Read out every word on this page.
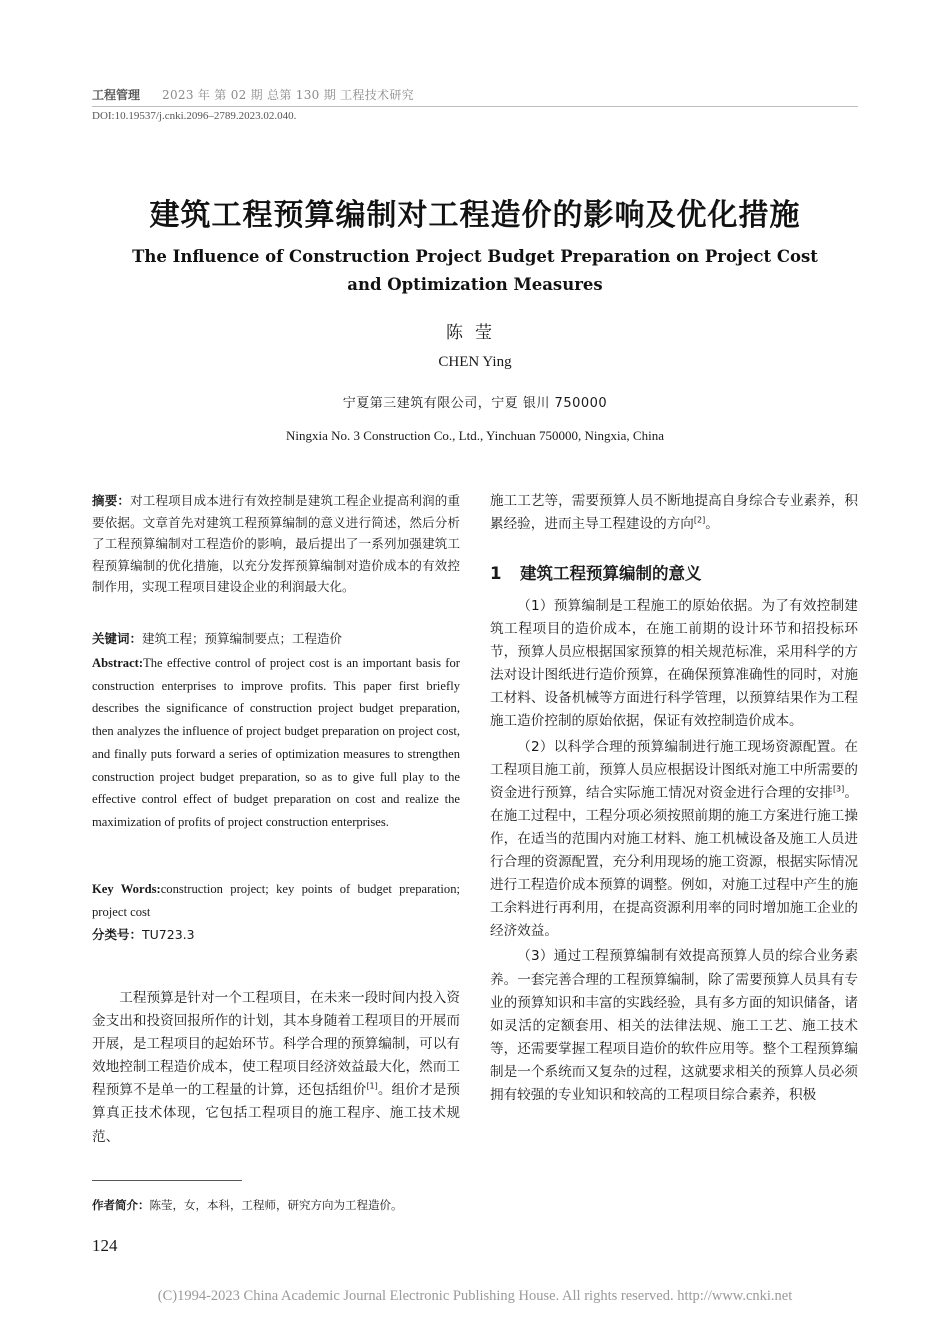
工程管理 2023 年 第 02 期 总第 130 期 工程技术研究
DOI:10.19537/j.cnki.2096–2789.2023.02.040.
建筑工程预算编制对工程造价的影响及优化措施
The Influence of Construction Project Budget Preparation on Project Cost and Optimization Measures
陈莹
CHEN Ying
宁夏第三建筑有限公司，宁夏 银川 750000
Ningxia No. 3 Construction Co., Ltd., Yinchuan 750000, Ningxia, China
摘要：对工程项目成本进行有效控制是建筑工程企业提高利润的重要依据。文章首先对建筑工程预算编制的意义进行简述，然后分析了工程预算编制对工程造价的影响，最后提出了一系列加强建筑工程预算编制的优化措施，以充分发挥预算编制对造价成本的有效控制作用，实现工程项目建设企业的利润最大化。
关键词：建筑工程；预算编制要点；工程造价
Abstract:The effective control of project cost is an important basis for construction enterprises to improve profits. This paper first briefly describes the significance of construction project budget preparation, then analyzes the influence of project budget preparation on project cost, and finally puts forward a series of optimization measures to strengthen construction project budget preparation, so as to give full play to the effective control effect of budget preparation on cost and realize the maximization of profits of project construction enterprises.
Key Words:construction project; key points of budget preparation; project cost
分类号：TU723.3

工程预算是针对一个工程项目，在未来一段时间内投入资金支出和投资回报所作的计划，其本身随着工程项目的开展而开展，是工程项目的起始环节。科学合理的预算编制，可以有效地控制工程造价成本，使工程项目经济效益最大化，然而工程预算不是单一的工程量的计算，还包括组价[1]。组价才是预算真正技术体现，它包括工程项目的施工程序、施工技术规范、

作者简介：陈莹，女，本科，工程师，研究方向为工程造价。
124

施工工艺等，需要预算人员不断地提高自身综合专业素养，积累经验，进而主导工程建设的方向[2]。

1 建筑工程预算编制的意义

（1）预算编制是工程施工的原始依据。为了有效控制建筑工程项目的造价成本，在施工前期的设计环节和招投标环节，预算人员应根据国家预算的相关规范标准，采用科学的方法对设计图纸进行造价预算，在确保预算准确性的同时，对施工材料、设备机械等方面进行科学管理，以预算结果作为工程施工造价控制的原始依据，保证有效控制造价成本。

（2）以科学合理的预算编制进行施工现场资源配置。在工程项目施工前，预算人员应根据设计图纸对施工中所需要的资金进行预算，结合实际施工情况对资金进行合理的安排[3]。在施工过程中，工程分项必须按照前期的施工方案进行施工操作，在适当的范围内对施工材料、施工机械设备及施工人员进行合理的资源配置，充分利用现场的施工资源，根据实际情况进行工程造价成本预算的调整。例如，对施工过程中产生的施工余料进行再利用，在提高资源利用率的同时增加施工企业的经济效益。

（3）通过工程预算编制有效提高预算人员的综合业务素养。一套完善合理的工程预算编制，除了需要预算人员具有专业的预算知识和丰富的实践经验，具有多方面的知识储备，诸如灵活的定额套用、相关的法律法规、施工工艺、施工技术等，还需要掌握工程项目造价的软件应用等。整个工程预算编制是一个系统而又复杂的过程，这就要求相关的预算人员必须拥有较强的专业知识和较高的工程项目综合素养，积极

(C)1994-2023 China Academic Journal Electronic Publishing House. All rights reserved. http://www.cnki.net
